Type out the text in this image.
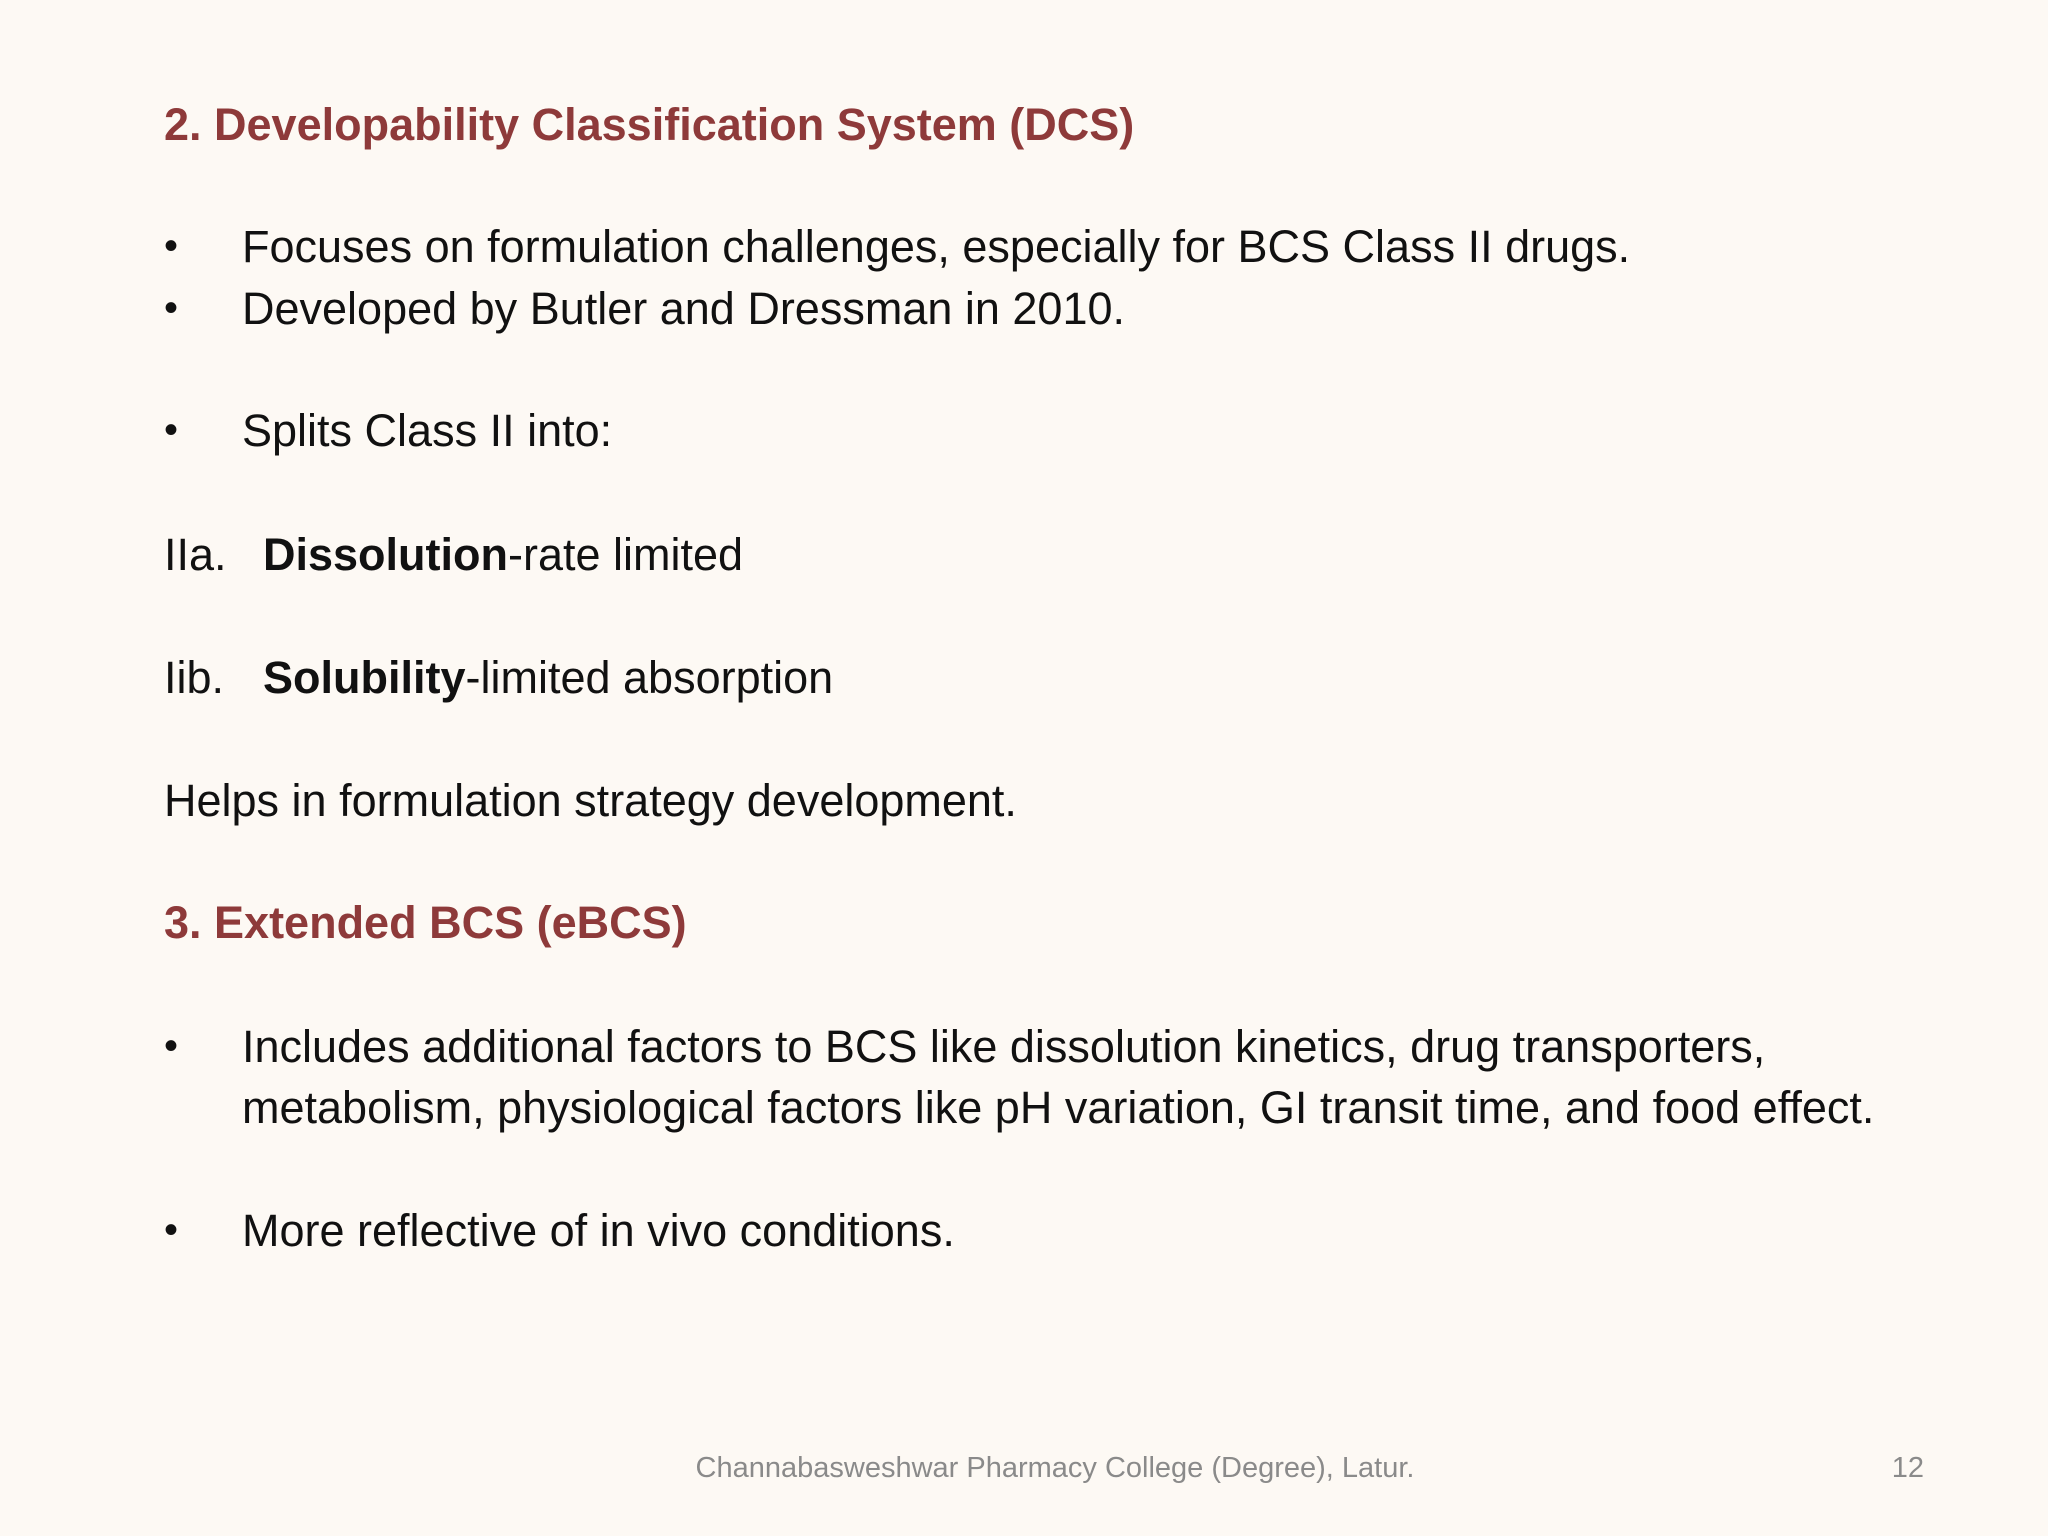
2. Developability Classification System (DCS)
•	Focuses on formulation challenges, especially for BCS Class II drugs.
•	Developed by Butler and Dressman in 2010.
•	Splits Class II into:
IIa. Dissolution-rate limited
Iib. Solubility-limited absorption
Helps in formulation strategy development.
3. Extended BCS (eBCS)
•	Includes additional factors to BCS like dissolution kinetics, drug transporters, metabolism, physiological factors like pH variation, GI transit time, and food effect.
•	More reflective of in vivo conditions.
Channabasweshwar Pharmacy College (Degree), Latur.	12
